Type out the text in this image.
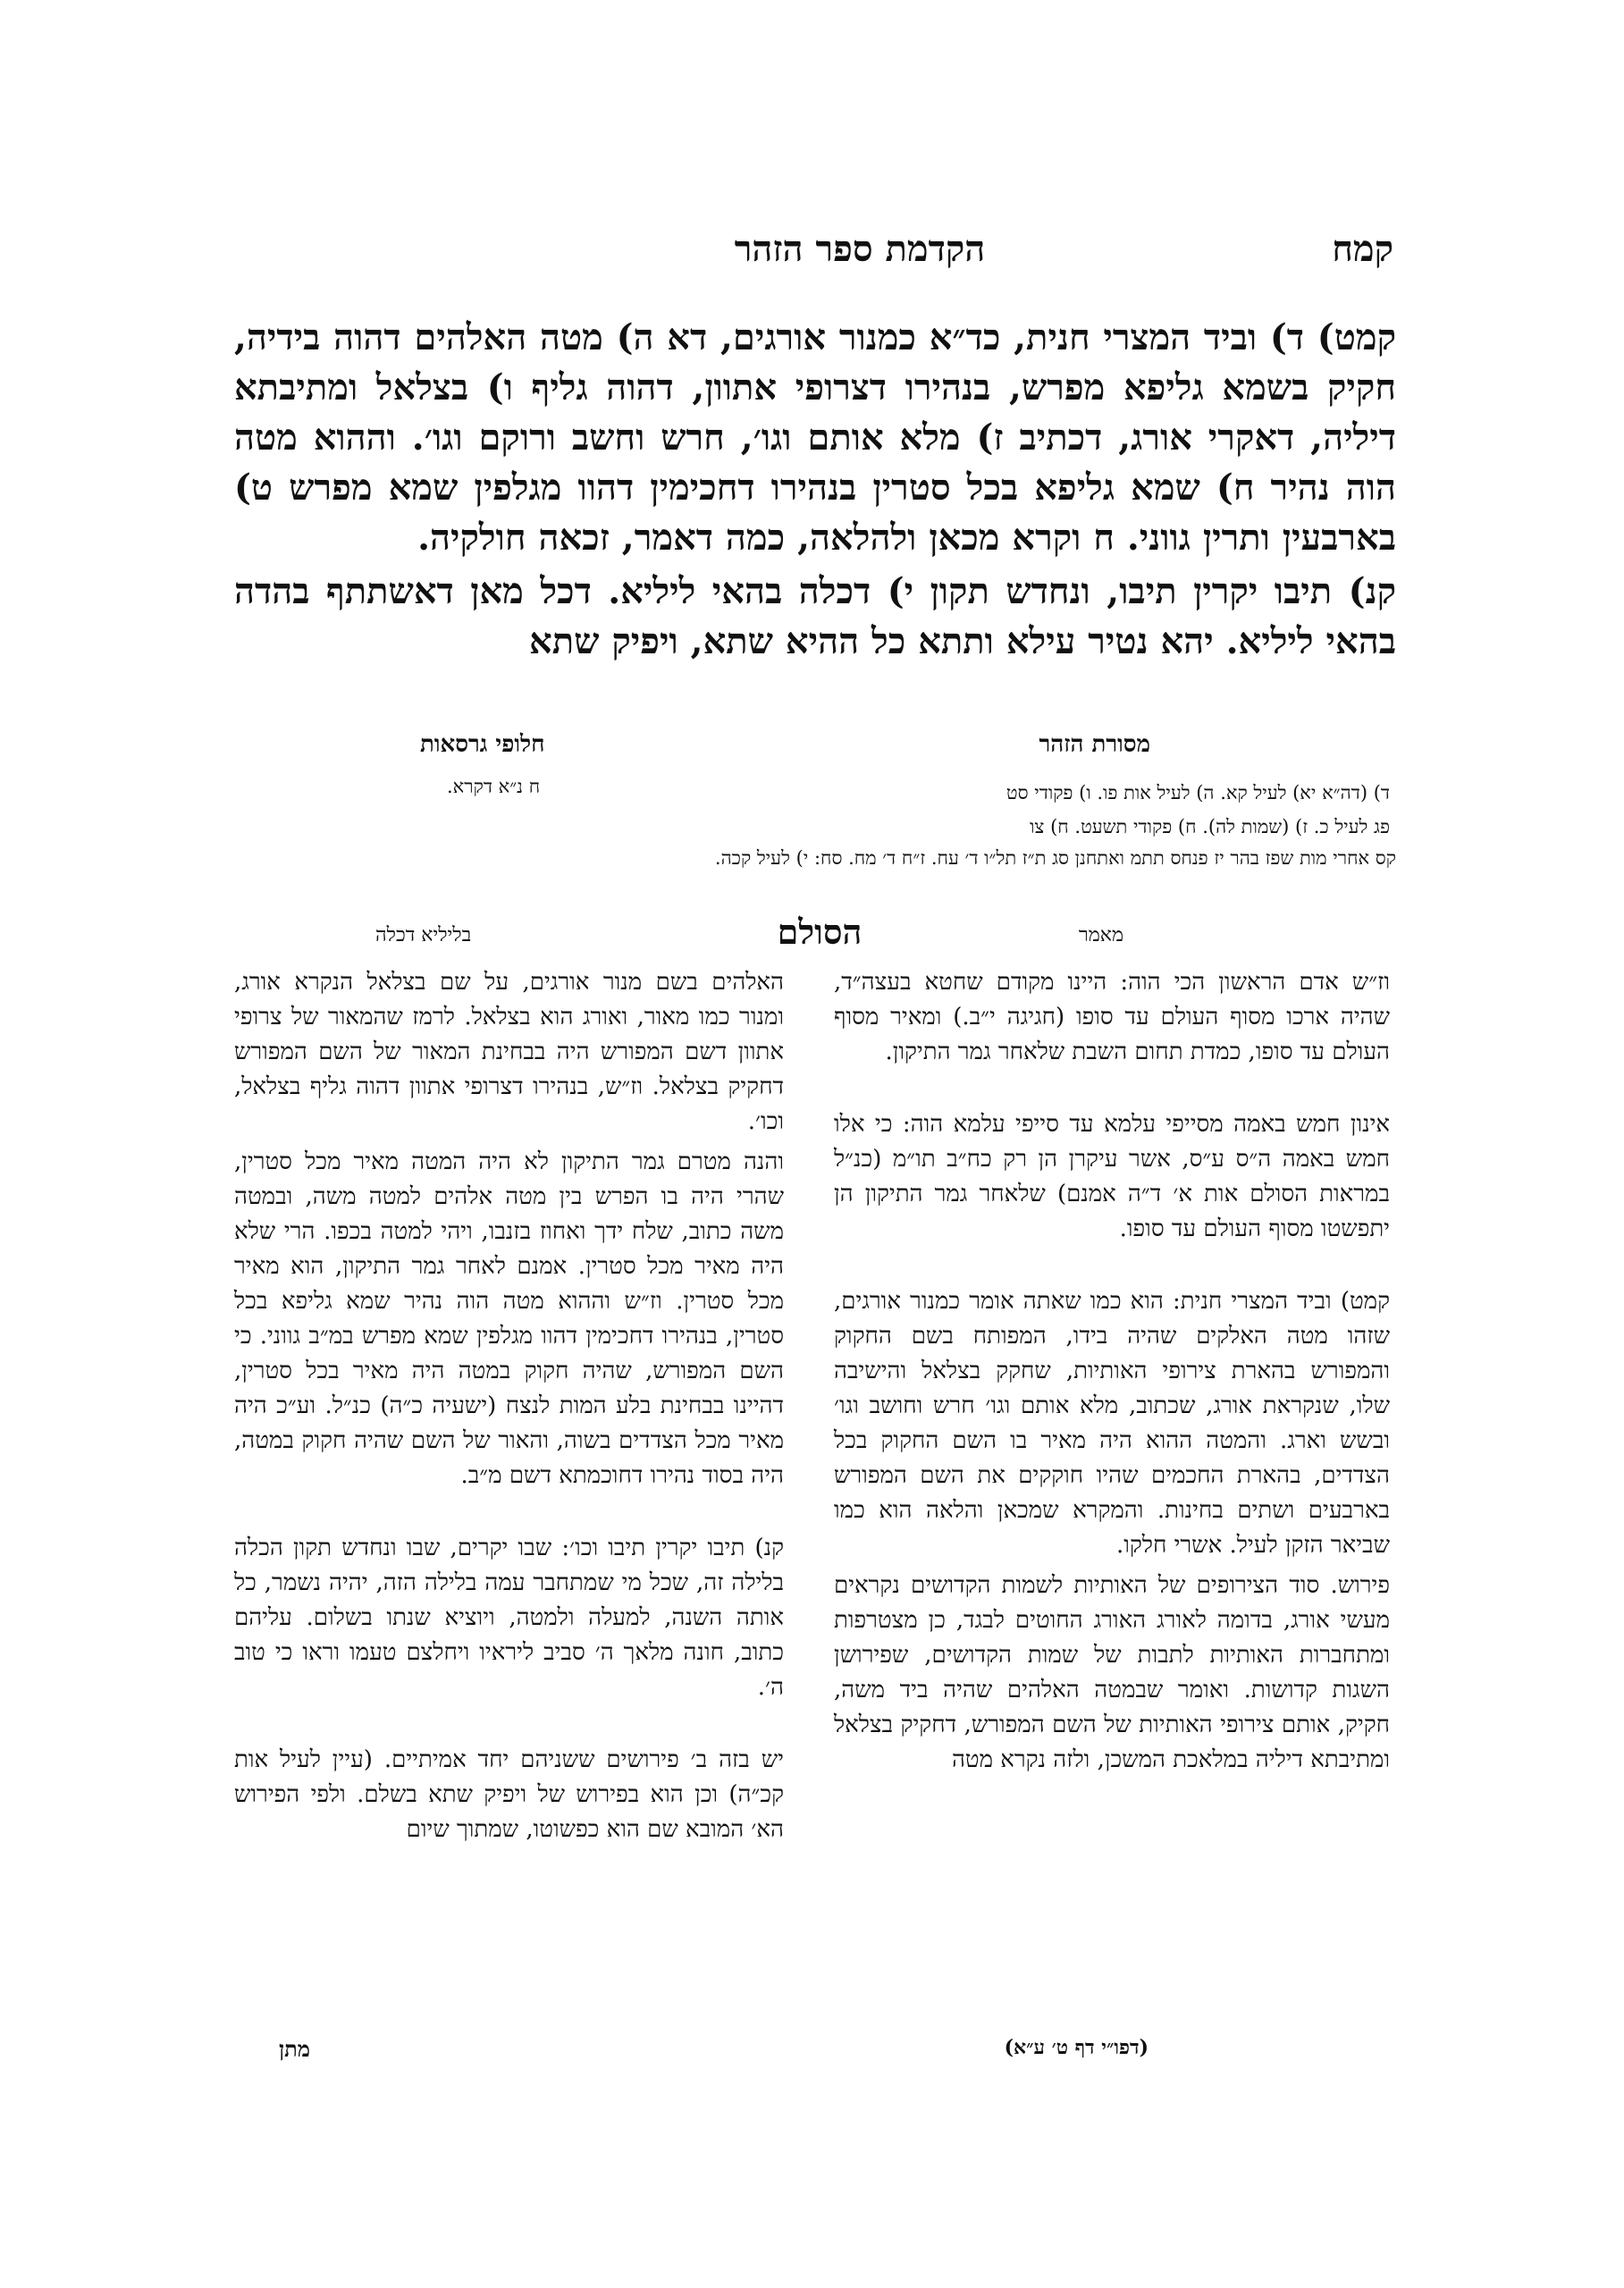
קמח
הקדמת ספר הזהר

קמט) ד) וביד המצרי חנית, כד״א כמנור אורגים, דא ה) מטה האלהים דהוה בידיה, חקיק בשמא גליפא מפרש, בנהירו דצרופי אתוון, דהוה גליף ו) בצלאל ומתיבתא דיליה, דאקרי אורג, דכתיב ז) מלא אותם וגו׳, חרש וחשב ורוקם וגו׳. וההוא מטה הוה נהיר ח) שמא גליפא בכל סטרין בנהירו דחכימין דהוו מגלפין שמא מפרש ט) בארבעין ותרין גווני. ח וקרא מכאן ולהלאה, כמה דאמר, זכאה חולקיה.

קנ) תיבו יקרין תיבו, ונחדש תקון י) דכלה בהאי ליליא. דכל מאן דאשתתף בהדה בהאי ליליא. יהא נטיר עילא ותתא כל ההיא שתא, ויפיק שתא

מסורת הזהר
חלופי גרסאות
ד) (דה״א יא) לעיל קא. ה) לעיל אות פו. ו) פקודי סט
פג לעיל כ. ז) (שמות לה). ח) פקודי תשעט. ח) צו
ח נ״א דקרא.
קס אחרי מות שפז בהר יז פנחס תתמ ואתחנן סג ת״ז תל״ו ד׳ עח. ז״ח ד׳ מח. סח: י) לעיל קכה.
מאמר
הסולם
בליליא דכלה

וז״ש אדם הראשון הכי הוה: היינו מקודם שחטא בעצה״ד, שהיה ארכו מסוף העולם עד סופו (חגיגה י״ב.) ומאיר מסוף העולם עד סופו, כמדת תחום השבת שלאחר גמר התיקון.

אינון חמש באמה מסייפי עלמא עד סייפי עלמא הוה: כי אלו חמש באמה ה״ס ע״ס, אשר עיקרן הן רק כח״ב תו״מ (כנ״ל במראות הסולם אות א׳ ד״ה אמנם) שלאחר גמר התיקון הן יתפשטו מסוף העולם עד סופו.

קמט) וביד המצרי חנית: הוא כמו שאתה אומר כמנור אורגים, שזהו מטה האלקים שהיה בידו, המפותח בשם החקוק והמפורש בהארת צירופי האותיות, שחקק בצלאל והישיבה שלו, שנקראת אורג, שכתוב, מלא אותם וגו׳ חרש וחושב וגו׳ ובשש וארג. והמטה ההוא היה מאיר בו השם החקוק בכל הצדדים, בהארת החכמים שהיו חוקקים את השם המפורש בארבעים ושתים בחינות. והמקרא שמכאן והלאה הוא כמו שביאר הזקן לעיל. אשרי חלקו.

פירוש. סוד הצירופים של האותיות לשמות הקדושים נקראים מעשי אורג, בדומה לאורג האורג החוטים לבגד, כן מצטרפות ומתחברות האותיות לתבות של שמות הקדושים, שפירושן השגות קדושות. ואומר שבמטה האלהים שהיה ביד משה, חקיק, אותם צירופי האותיות של השם המפורש, דחקיק בצלאל ומתיבתא דיליה במלאכת המשכן, ולזה נקרא מטה

האלהים בשם מנור אורגים, על שם בצלאל הנקרא אורג, ומנור כמו מאור, ואורג הוא בצלאל. לרמז שהמאור של צרופי אתוון דשם המפורש היה בבחינת המאור של השם המפורש דחקיק בצלאל. וז״ש, בנהירו דצרופי אתוון דהוה גליף בצלאל, וכו׳.

והנה מטרם גמר התיקון לא היה המטה מאיר מכל סטרין, שהרי היה בו הפרש בין מטה אלהים למטה משה, ובמטה משה כתוב, שלח ידך ואחוז בזנבו, ויהי למטה בכפו. הרי שלא היה מאיר מכל סטרין. אמנם לאחר גמר התיקון, הוא מאיר מכל סטרין. וז״ש וההוא מטה הוה נהיר שמא גליפא בכל סטרין, בנהירו דחכימין דהוו מגלפין שמא מפרש במ״ב גווני. כי השם המפורש, שהיה חקוק במטה היה מאיר בכל סטרין, דהיינו בבחינת בלע המות לנצח (ישעיה כ״ה) כנ״ל. וע״כ היה מאיר מכל הצדדים בשוה, והאור של השם שהיה חקוק במטה, היה בסוד נהירו דחוכמתא דשם מ״ב.

קנ) תיבו יקרין תיבו וכו׳: שבו יקרים, שבו ונחדש תקון הכלה בלילה זה, שכל מי שמתחבר עמה בלילה הזה, יהיה נשמר, כל אותה השנה, למעלה ולמטה, ויוציא שנתו בשלום. עליהם כתוב, חונה מלאך ה׳ סביב ליראיו ויחלצם טעמו וראו כי טוב ה׳.

יש בזה ב׳ פירושים ששניהם יחד אמיתיים. (עיין לעיל אות קכ״ה) וכן הוא בפירוש של ויפיק שתא בשלם. ולפי הפירוש הא׳ המובא שם הוא כפשוטו, שמתוך שיום

(דפו״י דף ט׳ ע״א)
מתן
